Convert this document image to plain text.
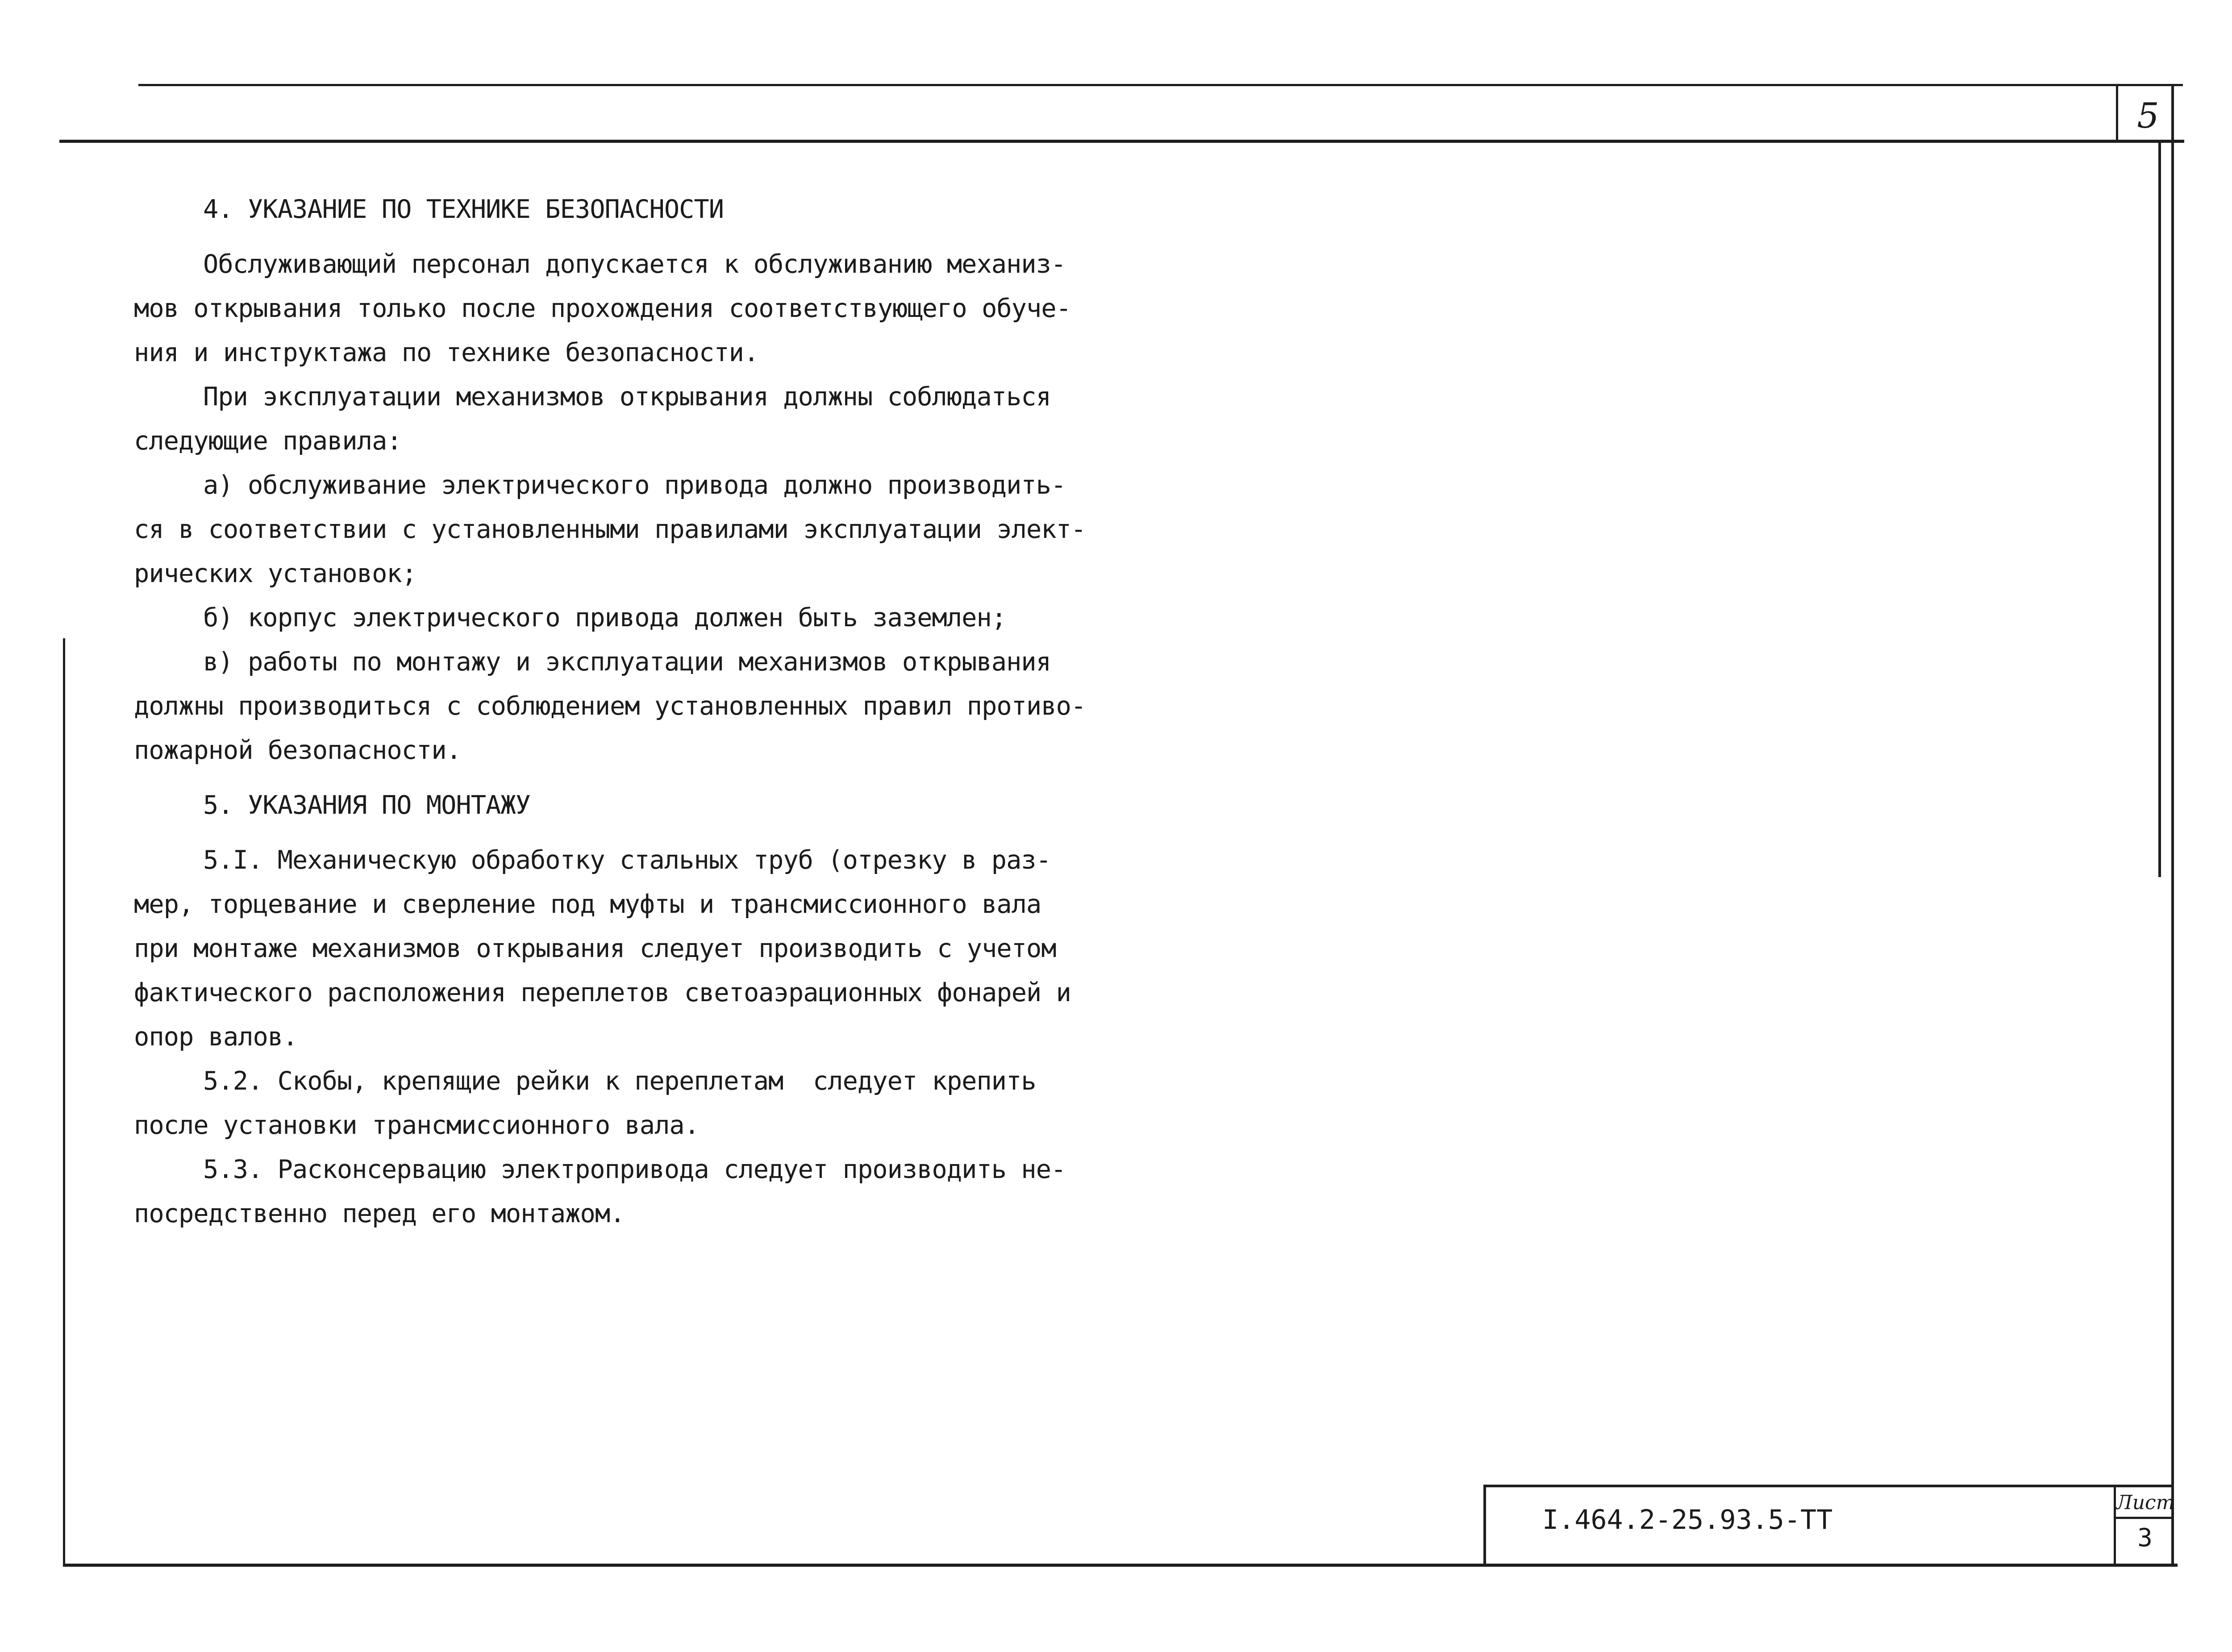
5
4. УКАЗАНИЕ ПО ТЕХНИКЕ БЕЗОПАСНОСТИ
Обслуживающий персонал допускается к обслуживанию механиз-
мов открывания только после прохождения соответствующего обуче-
ния и инструктажа по технике безопасности.
При эксплуатации механизмов открывания должны соблюдаться
следующие правила:
а) обслуживание электрического привода должно производить-
ся в соответствии с установленными правилами эксплуатации элект-
рических установок;
б) корпус электрического привода должен быть заземлен;
в) работы по монтажу и эксплуатации механизмов открывания
должны производиться с соблюдением установленных правил противо-
пожарной безопасности.
5. УКАЗАНИЯ ПО МОНТАЖУ
5.I. Механическую обработку стальных труб (отрезку в раз-
мер, торцевание и сверление под муфты и трансмиссионного вала
при монтаже механизмов открывания следует производить с учетом
фактического расположения переплетов светоаэрационных фонарей и
опор валов.
5.2. Скобы, крепящие рейки к переплетам  следует крепить
после установки трансмиссионного вала.
5.3. Расконсервацию электропривода следует производить не-
посредственно перед его монтажом.
I.464.2-25.93.5-ТТ
Лист
3
